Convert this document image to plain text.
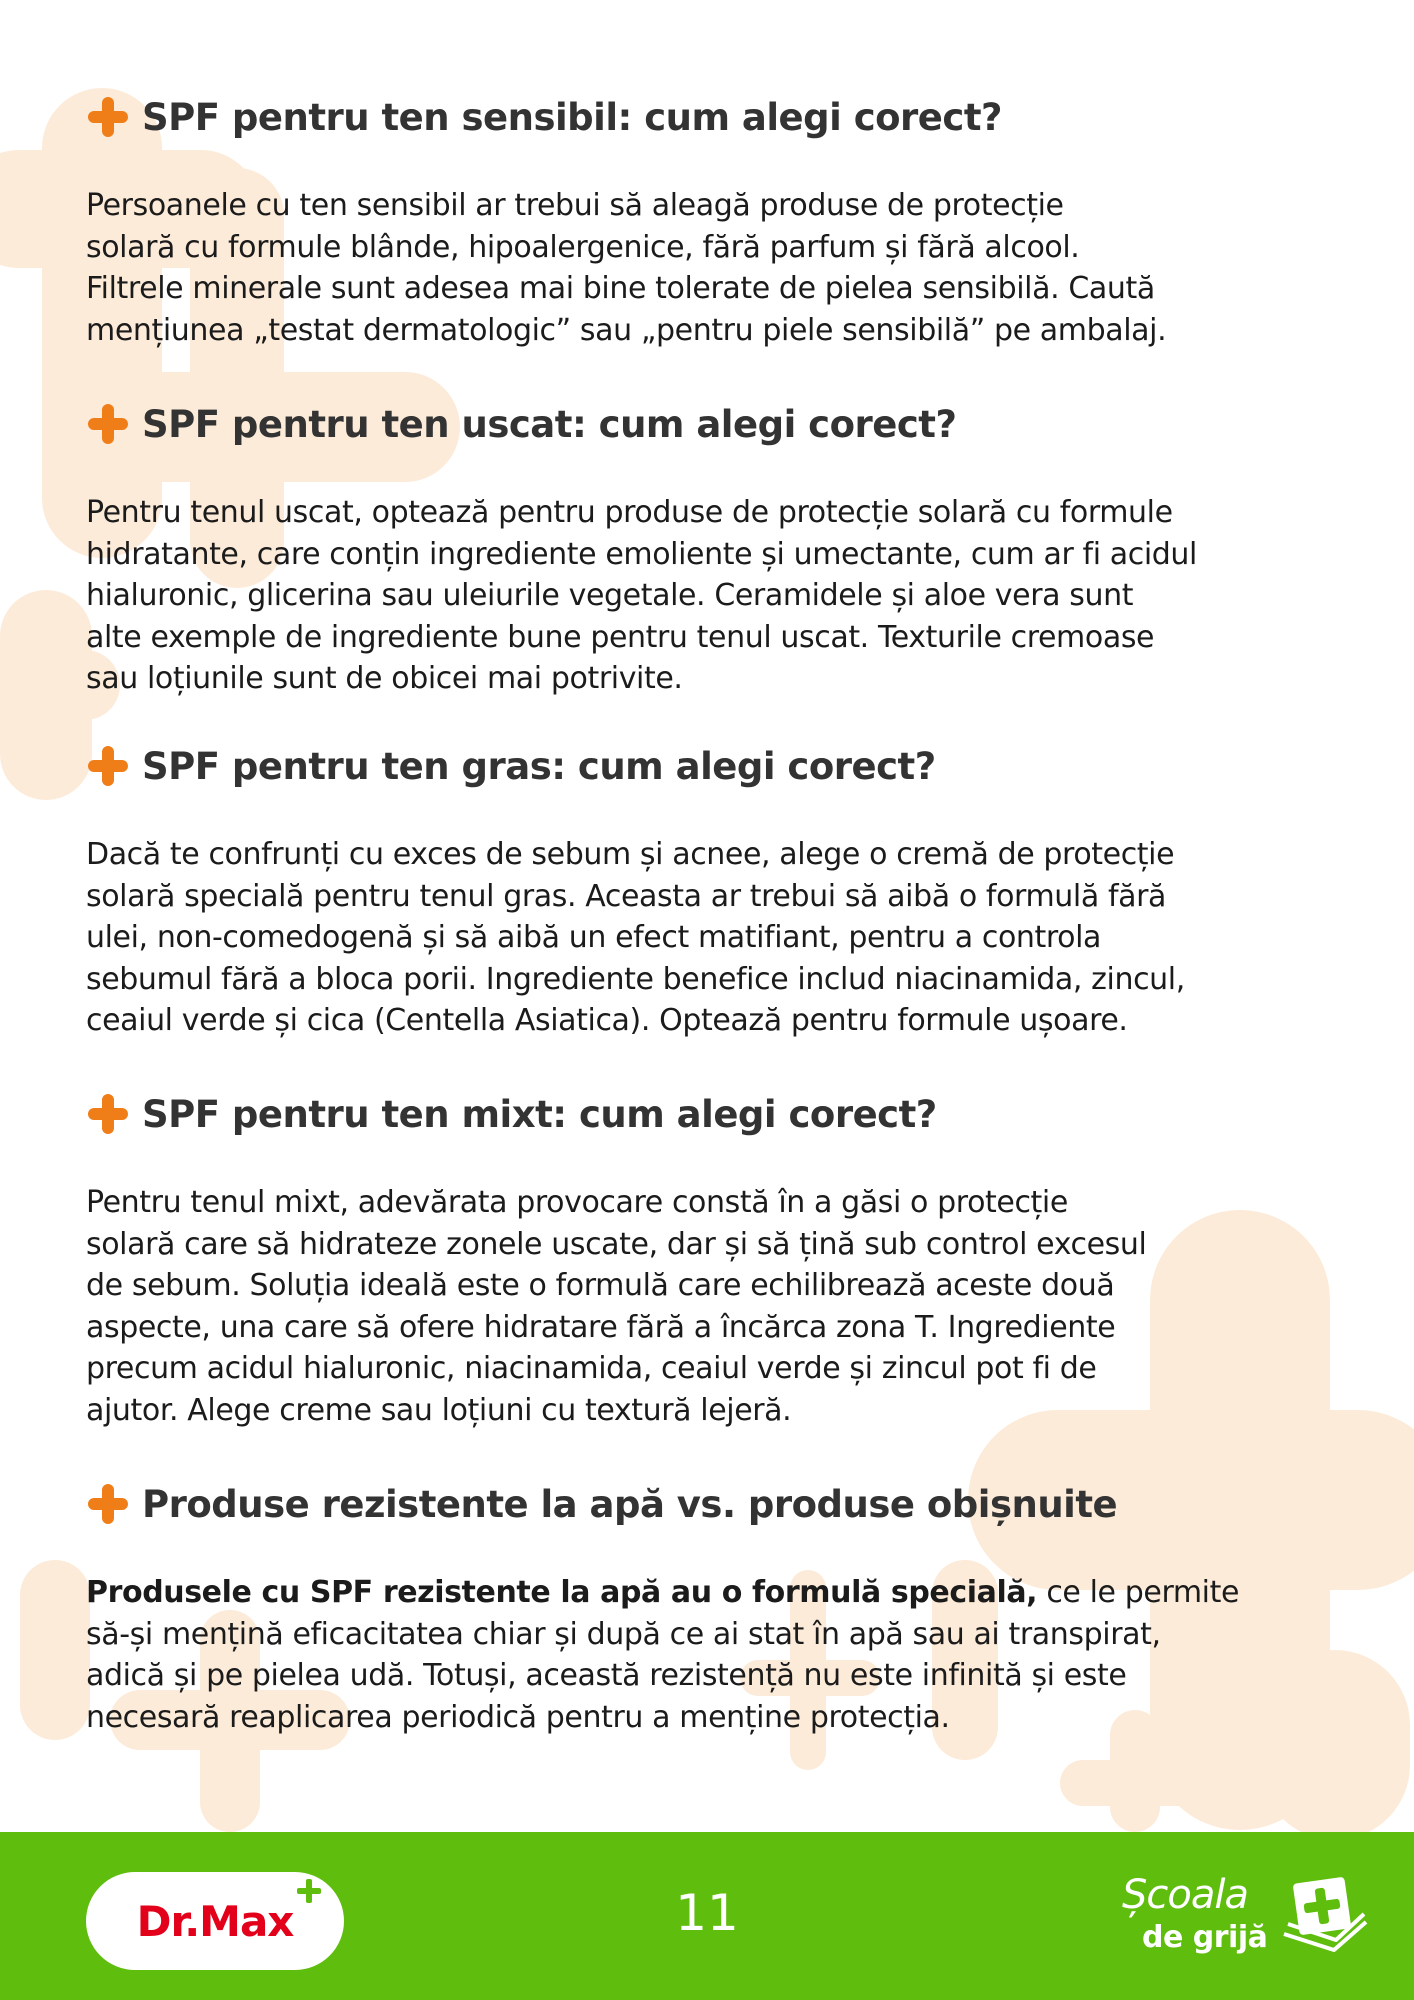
SPF pentru ten sensibil: cum alegi corect?

Persoanele cu ten sensibil ar trebui să aleagă produse de protecție
solară cu formule blânde, hipoalergenice, fără parfum și fără alcool.
Filtrele minerale sunt adesea mai bine tolerate de pielea sensibilă. Caută
mențiunea „testat dermatologic” sau „pentru piele sensibilă” pe ambalaj.

SPF pentru ten uscat: cum alegi corect?

Pentru tenul uscat, optează pentru produse de protecție solară cu formule
hidratante, care conțin ingrediente emoliente și umectante, cum ar fi acidul
hialuronic, glicerina sau uleiurile vegetale. Ceramidele și aloe vera sunt
alte exemple de ingrediente bune pentru tenul uscat. Texturile cremoase
sau loțiunile sunt de obicei mai potrivite.

SPF pentru ten gras: cum alegi corect?

Dacă te confrunți cu exces de sebum și acnee, alege o cremă de protecție
solară specială pentru tenul gras. Aceasta ar trebui să aibă o formulă fără
ulei, non-comedogenă și să aibă un efect matifiant, pentru a controla
sebumul fără a bloca porii. Ingrediente benefice includ niacinamida, zincul,
ceaiul verde și cica (Centella Asiatica). Optează pentru formule ușoare.

SPF pentru ten mixt: cum alegi corect?

Pentru tenul mixt, adevărata provocare constă în a găsi o protecție
solară care să hidrateze zonele uscate, dar și să țină sub control excesul
de sebum. Soluția ideală este o formulă care echilibrează aceste două
aspecte, una care să ofere hidratare fără a încărca zona T. Ingrediente
precum acidul hialuronic, niacinamida, ceaiul verde și zincul pot fi de
ajutor. Alege creme sau loțiuni cu textură lejeră.

Produse rezistente la apă vs. produse obișnuite

Produsele cu SPF rezistente la apă au o formulă specială, ce le permite
să-și mențină eficacitatea chiar și după ce ai stat în apă sau ai transpirat,
adică și pe pielea udă. Totuși, această rezistență nu este infinită și este
necesară reaplicarea periodică pentru a menține protecția.

Dr.Max	11	Școala
de grijă
